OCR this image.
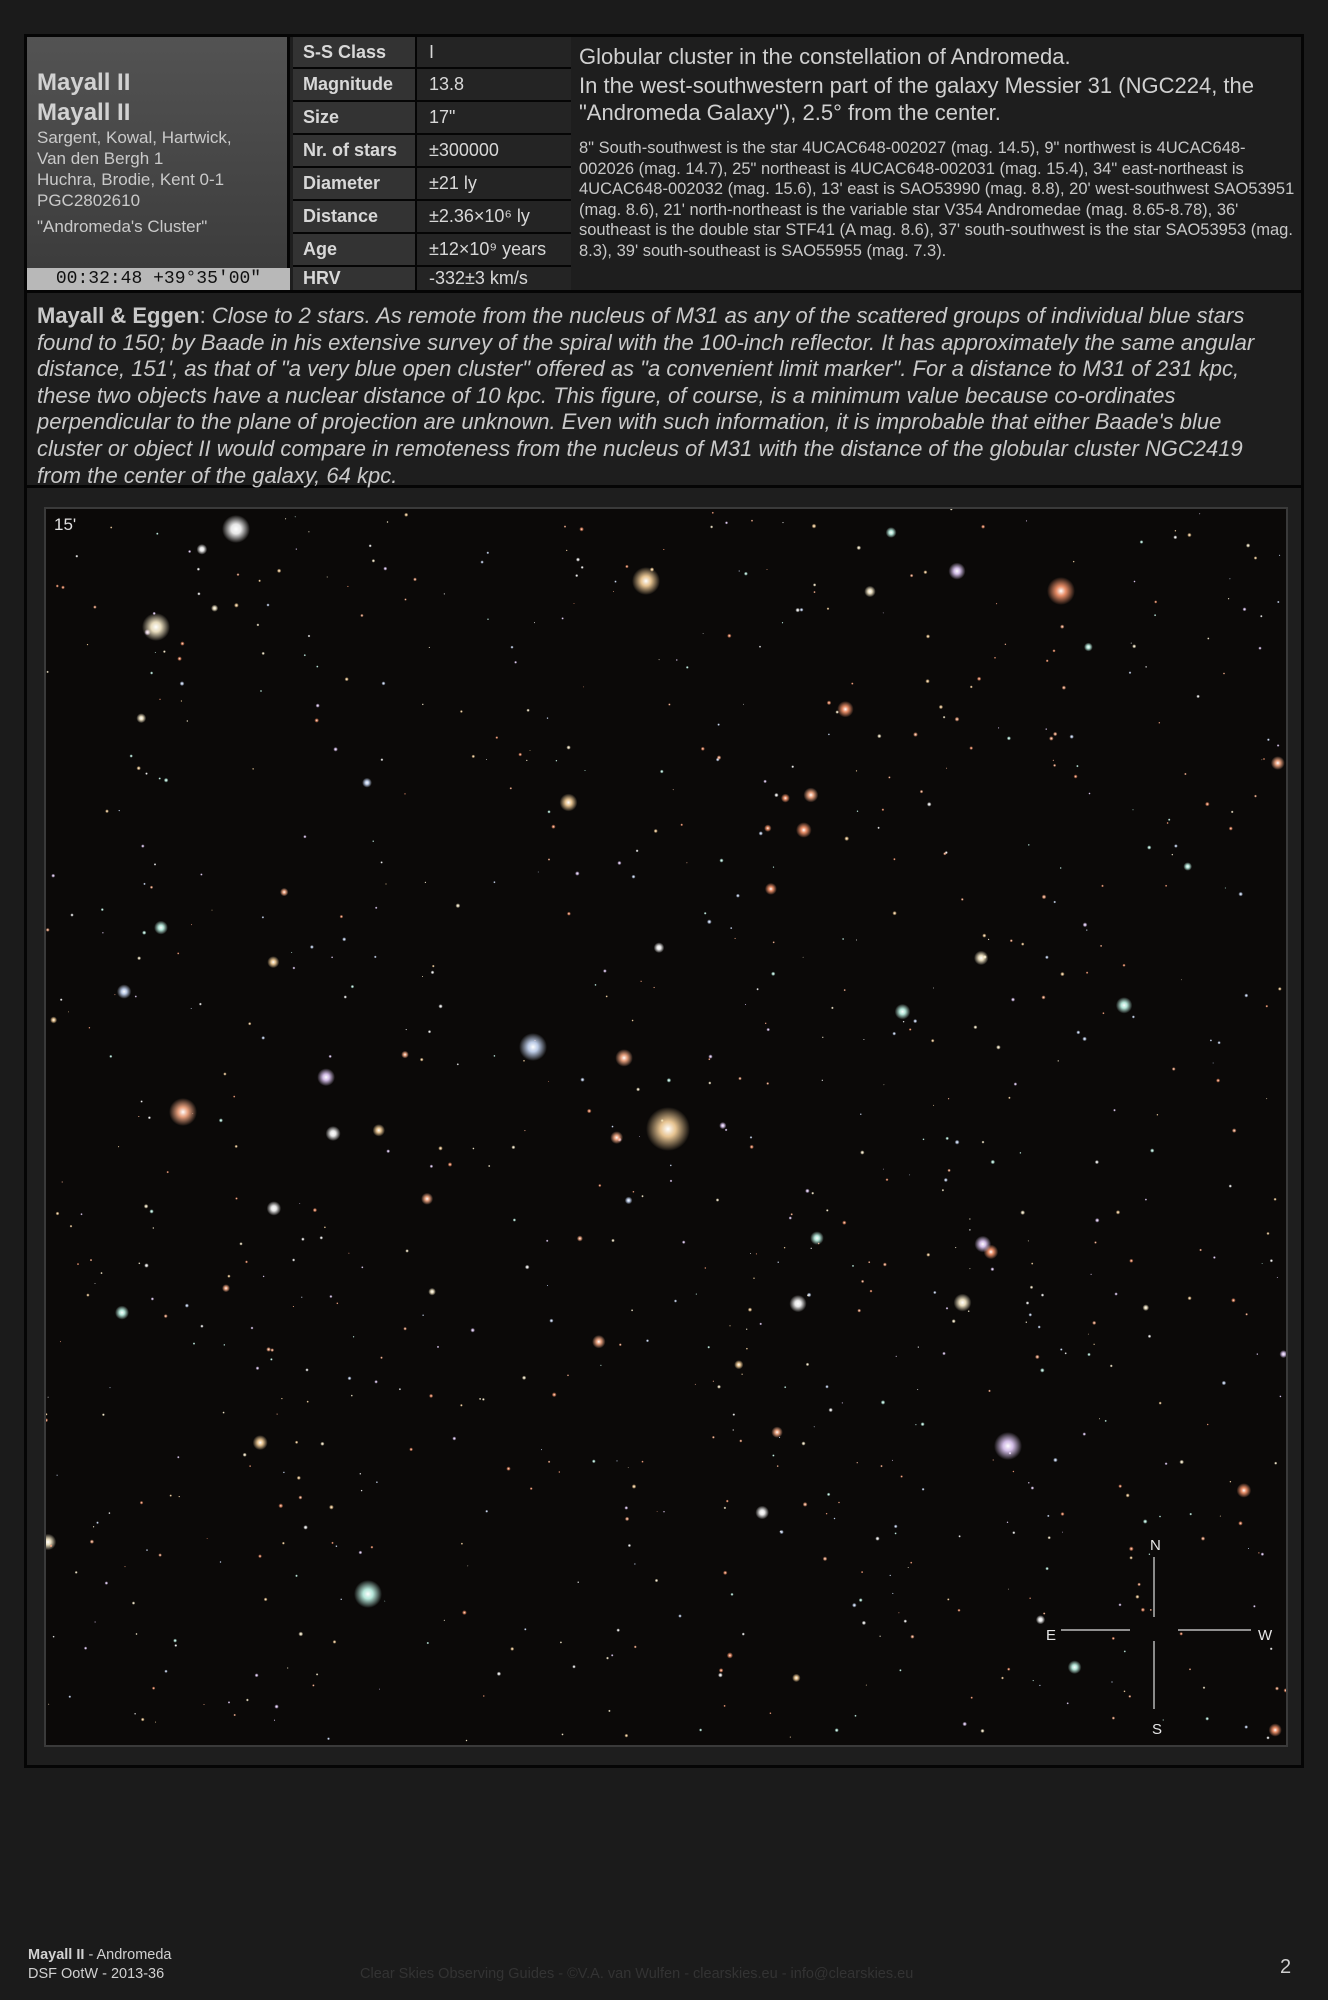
Mayall II
Mayall II
Sargent, Kowal, Hartwick,
Van den Bergh 1
Huchra, Brodie, Kent 0-1
PGC2802610
"Andromeda's Cluster"
00:32:48 +39°35'00"
S-S Class	I
Magnitude	13.8
Size	17"
Nr. of stars	±300000
Diameter	±21 ly
Distance	±2.36×10⁶ ly
Age	±12×10⁹ years
HRV	-332±3 km/s

Globular cluster in the constellation of Andromeda.

In the west-southwestern part of the galaxy Messier 31 (NGC224, the "Andromeda Galaxy"), 2.5° from the center.

8" South-southwest is the star 4UCAC648-002027 (mag. 14.5), 9" northwest is 4UCAC648-002026 (mag. 14.7), 25" northeast is 4UCAC648-002031 (mag. 15.4), 34" east-northeast is 4UCAC648-002032 (mag. 15.6), 13' east is SAO53990 (mag. 8.8), 20' west-southwest SAO53951 (mag. 8.6), 21' north-northeast is the variable star V354 Andromedae (mag. 8.65-8.78), 36' southeast is the double star STF41 (A mag. 8.6), 37' south-southwest is the star SAO53953 (mag. 8.3), 39' south-southeast is SAO55955 (mag. 7.3).
Mayall & Eggen: Close to 2 stars. As remote from the nucleus of M31 as any of the scattered groups of individual blue stars found to 150; by Baade in his extensive survey of the spiral with the 100-inch reflector. It has approximately the same angular distance, 151', as that of "a very blue open cluster" offered as "a convenient limit marker". For a distance to M31 of 231 kpc, these two objects have a nuclear distance of 10 kpc. This figure, of course, is a minimum value because co-ordinates perpendicular to the plane of projection are unknown. Even with such information, it is improbable that either Baade's blue cluster or object II would compare in remoteness from the nucleus of M31 with the distance of the globular cluster NGC2419 from the center of the galaxy, 64 kpc.
15'
N
S
E	W
Mayall II - Andromeda
DSF OotW - 2013-36	Clear Skies Observing Guides - ©V.A. van Wulfen - clearskies.eu - info@clearskies.eu	2
